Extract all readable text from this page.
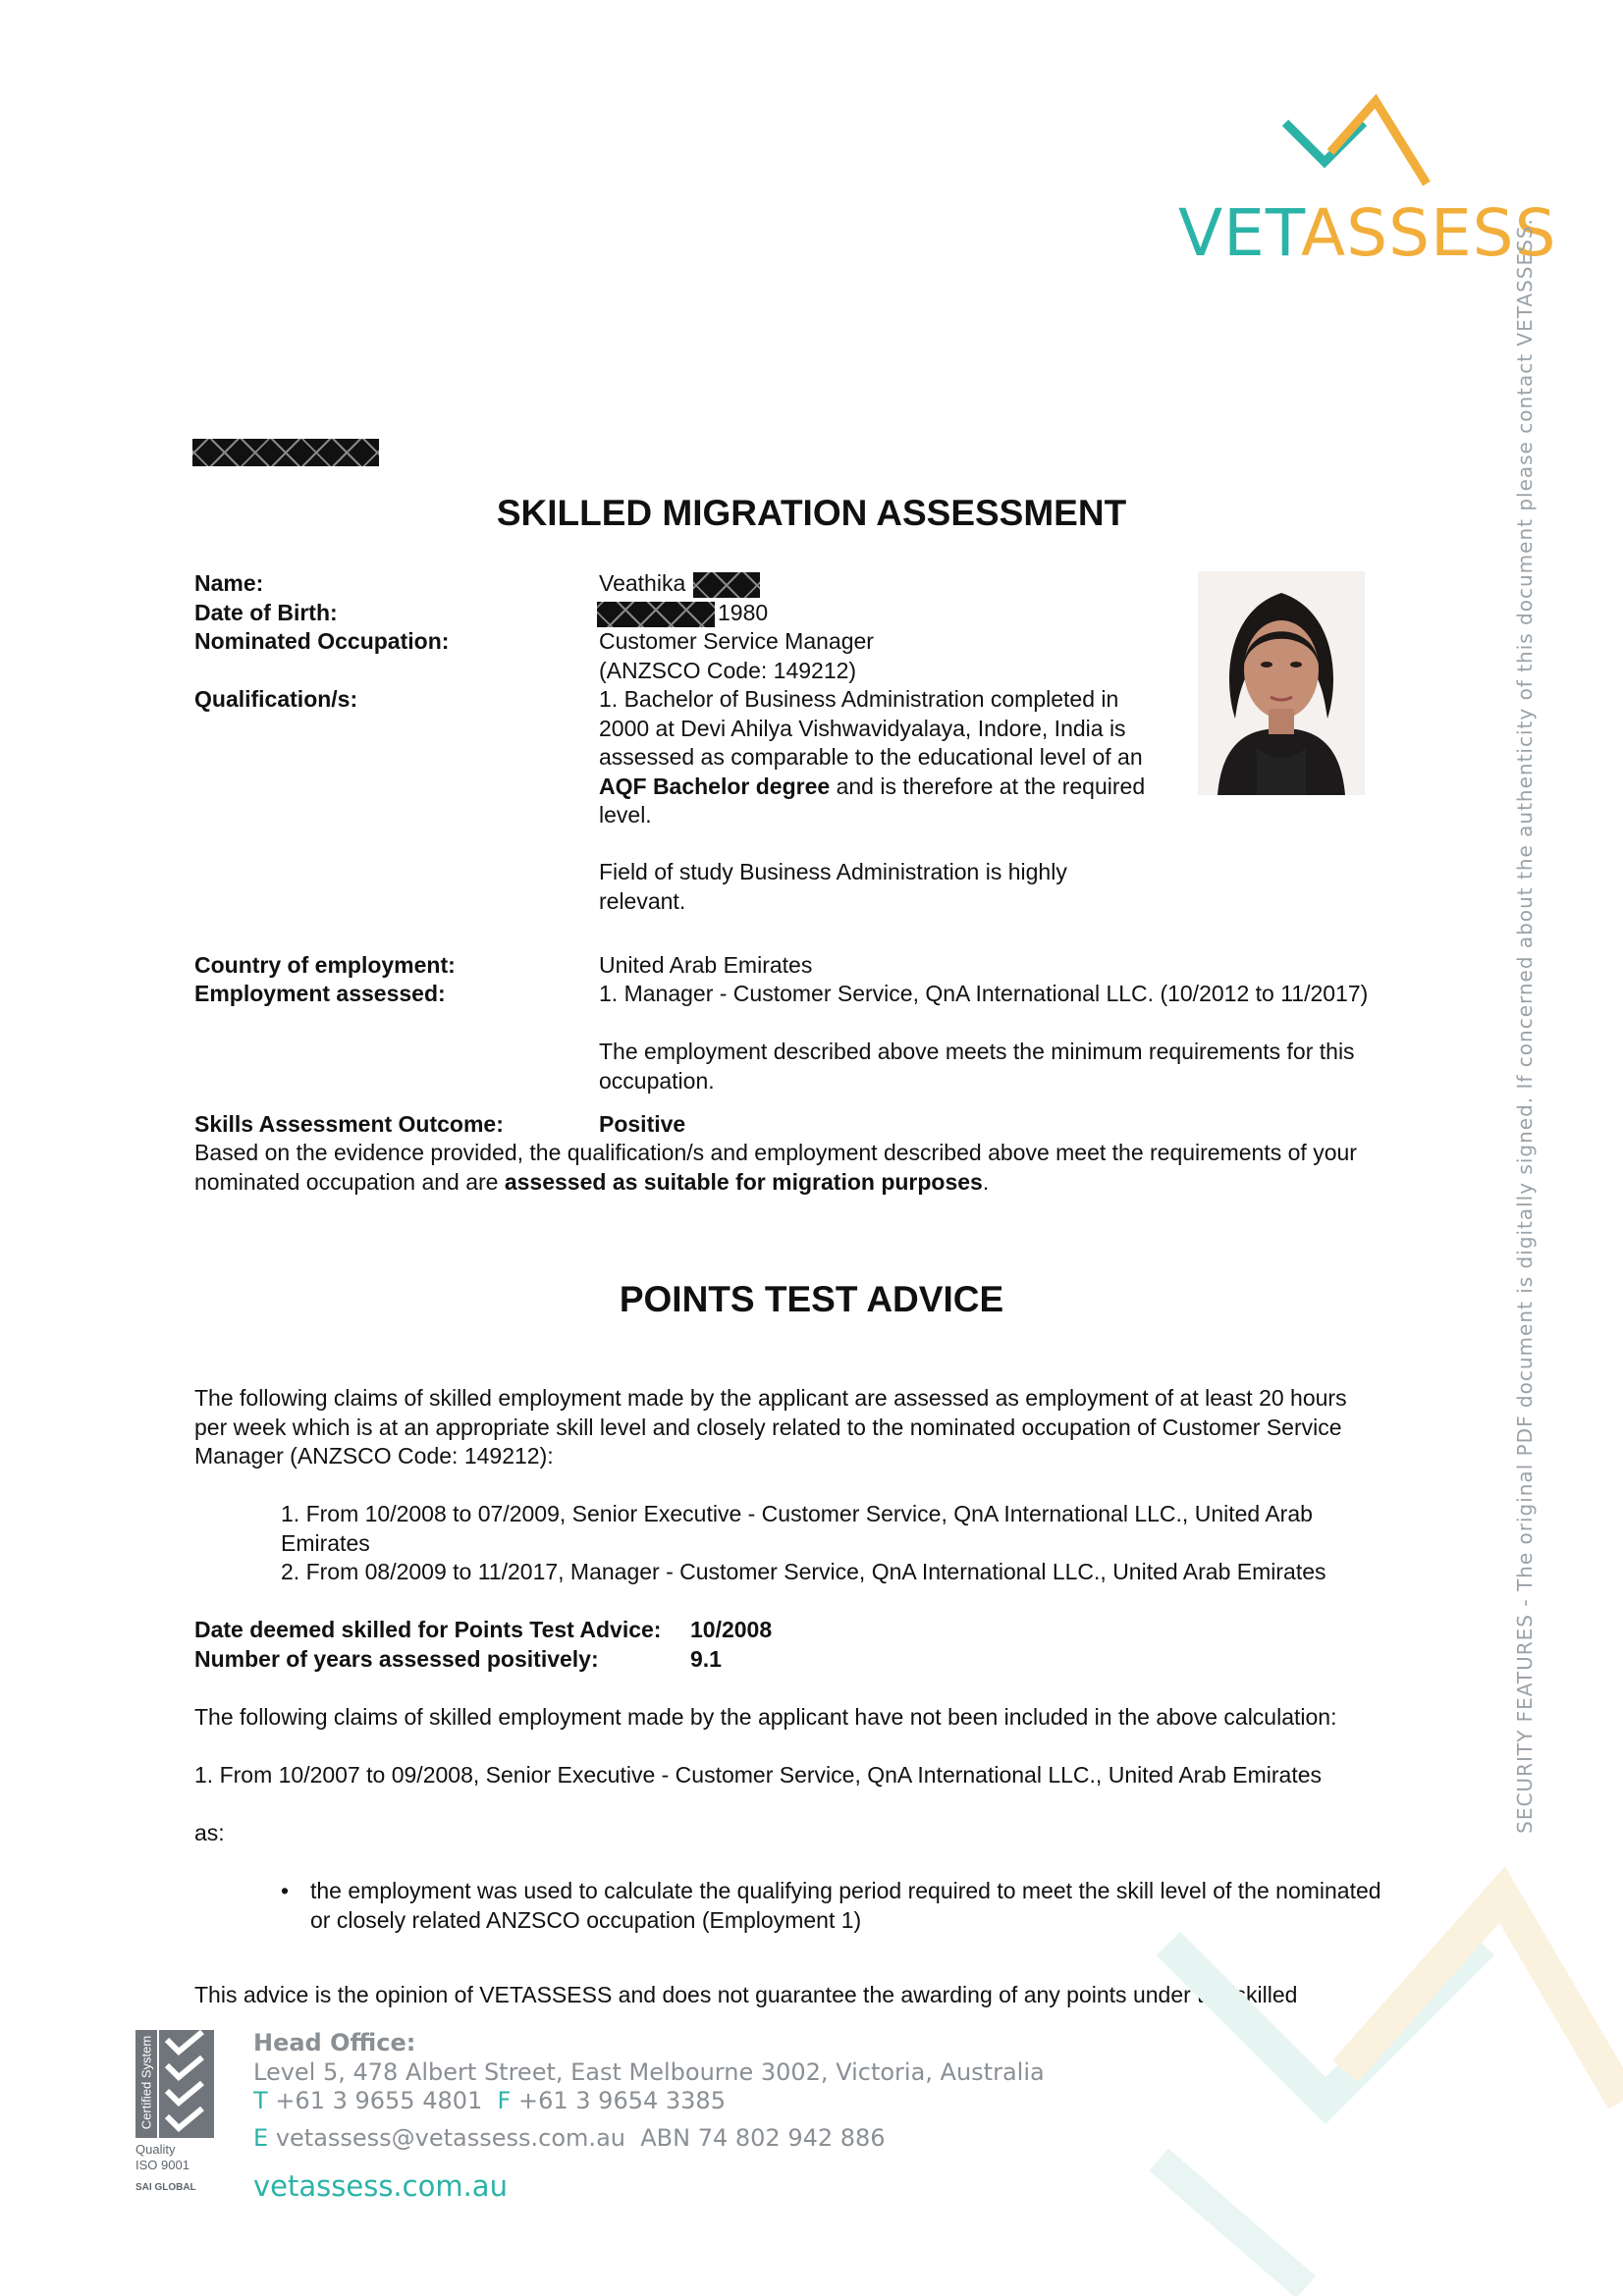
VETASSESS
SKILLED MIGRATION ASSESSMENT
Name:	Veathika
Date of Birth:	1980
Nominated Occupation:	Customer Service Manager
(ANZSCO Code: 149212)
Qualification/s:	1. Bachelor of Business Administration completed in
2000 at Devi Ahilya Vishwavidyalaya, Indore, India is
assessed as comparable to the educational level of an
AQF Bachelor degree and is therefore at the required
level.
Field of study Business Administration is highly
relevant.
Country of employment:	United Arab Emirates
Employment assessed:	1. Manager - Customer Service, QnA International LLC. (10/2012 to 11/2017)
The employment described above meets the minimum requirements for this
occupation.
Skills Assessment Outcome:	Positive
Based on the evidence provided, the qualification/s and employment described above meet the requirements of your
nominated occupation and are assessed as suitable for migration purposes.
POINTS TEST ADVICE
The following claims of skilled employment made by the applicant are assessed as employment of at least 20 hours
per week which is at an appropriate skill level and closely related to the nominated occupation of Customer Service
Manager (ANZSCO Code: 149212):
1. From 10/2008 to 07/2009, Senior Executive - Customer Service, QnA International LLC., United Arab
Emirates
2. From 08/2009 to 11/2017, Manager - Customer Service, QnA International LLC., United Arab Emirates
Date deemed skilled for Points Test Advice: 10/2008
Number of years assessed positively:	9.1
The following claims of skilled employment made by the applicant have not been included in the above calculation:
1. From 10/2007 to 09/2008, Senior Executive - Customer Service, QnA International LLC., United Arab Emirates
as:
• the employment was used to calculate the qualifying period required to meet the skill level of the nominated
or closely related ANZSCO occupation (Employment 1)
This advice is the opinion of VETASSESS and does not guarantee the awarding of any points under the skilled
SECURITY FEATURES - The original PDF document is digitally signed. If concerned about the authenticity of this document please contact VETASSESS.
Certified System
Quality
ISO 9001
SAI GLOBAL
Head Office:
Level 5, 478 Albert Street, East Melbourne 3002, Victoria, Australia
T +61 3 9655 4801 F +61 3 9654 3385
E vetassess@vetassess.com.au ABN 74 802 942 886
vetassess.com.au
